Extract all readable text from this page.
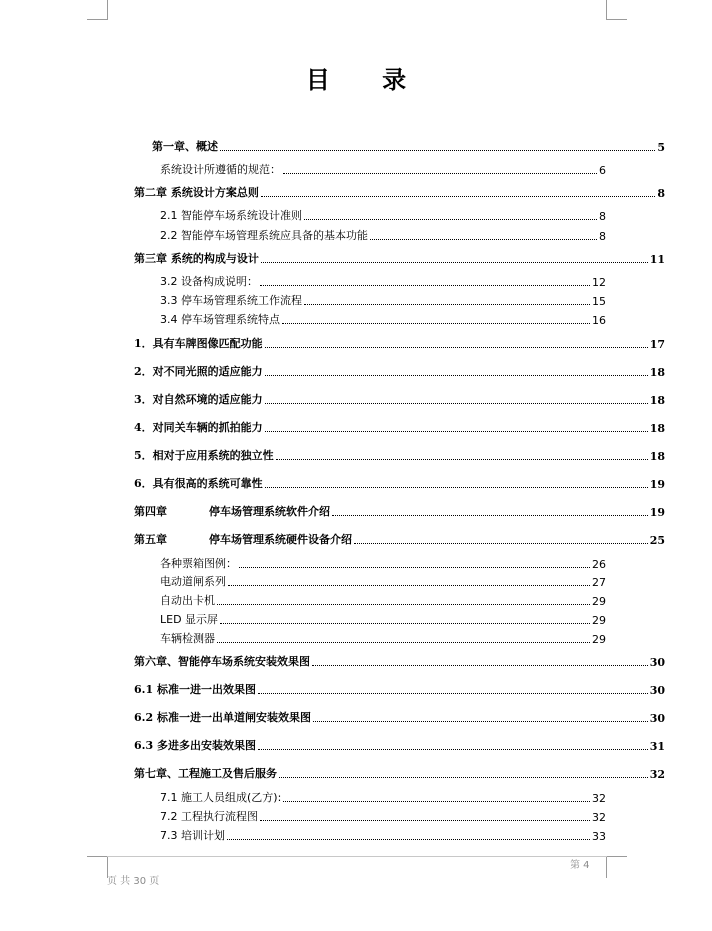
目 录
第一章、概述	5
系统设计所遵循的规范：	6
第二章 系统设计方案总则	8
2.1 智能停车场系统设计准则	8
2.2 智能停车场管理系统应具备的基本功能	8
第三章 系统的构成与设计	11
3.2 设备构成说明：	12
3.3 停车场管理系统工作流程	15
3.4 停车场管理系统特点	16
1．具有车牌图像匹配功能	17
2．对不同光照的适应能力	18
3．对自然环境的适应能力	18
4．对同关车辆的抓拍能力	18
5．相对于应用系统的独立性	18
6．具有很高的系统可靠性	19
第四章	停车场管理系统软件介绍	19
第五章	停车场管理系统硬件设备介绍	25
各种票箱图例：	26
电动道闸系列	27
自动出卡机	29
LED 显示屏	29
车辆检测器	29
第六章、智能停车场系统安装效果图	30
6.1 标准一进一出效果图	30
6.2 标准一进一出单道闸安装效果图	30
6.3 多进多出安装效果图	31
第七章、工程施工及售后服务	32
7.1 施工人员组成(乙方):	32
7.2 工程执行流程图	32
7.3 培训计划	33
第 4
页 共 30 页
